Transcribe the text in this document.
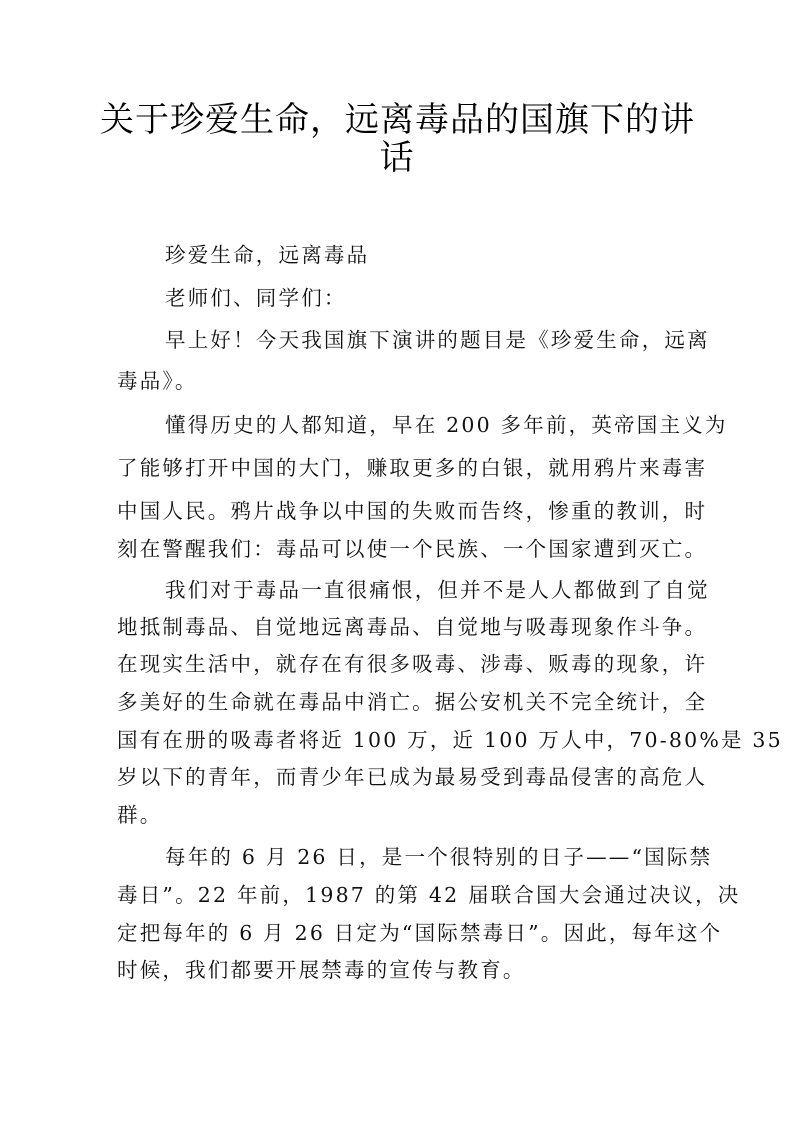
关于珍爱生命，远离毒品的国旗下的讲
话
珍爱生命，远离毒品
老师们、同学们：
早上好！今天我国旗下演讲的题目是《珍爱生命，远离
毒品》。
懂得历史的人都知道，早在 200 多年前，英帝国主义为
了能够打开中国的大门，赚取更多的白银，就用鸦片来毒害
中国人民。鸦片战争以中国的失败而告终，惨重的教训，时
刻在警醒我们：毒品可以使一个民族、一个国家遭到灭亡。
我们对于毒品一直很痛恨，但并不是人人都做到了自觉
地抵制毒品、自觉地远离毒品、自觉地与吸毒现象作斗争。
在现实生活中，就存在有很多吸毒、涉毒、贩毒的现象，许
多美好的生命就在毒品中消亡。据公安机关不完全统计，全
国有在册的吸毒者将近 100 万，近 100 万人中，70-80%是 35
岁以下的青年，而青少年已成为最易受到毒品侵害的高危人
群。
每年的 6 月 26 日，是一个很特别的日子——“国际禁
毒日”。22 年前，1987 的第 42 届联合国大会通过决议，决
定把每年的 6 月 26 日定为“国际禁毒日”。因此，每年这个
时候，我们都要开展禁毒的宣传与教育。
